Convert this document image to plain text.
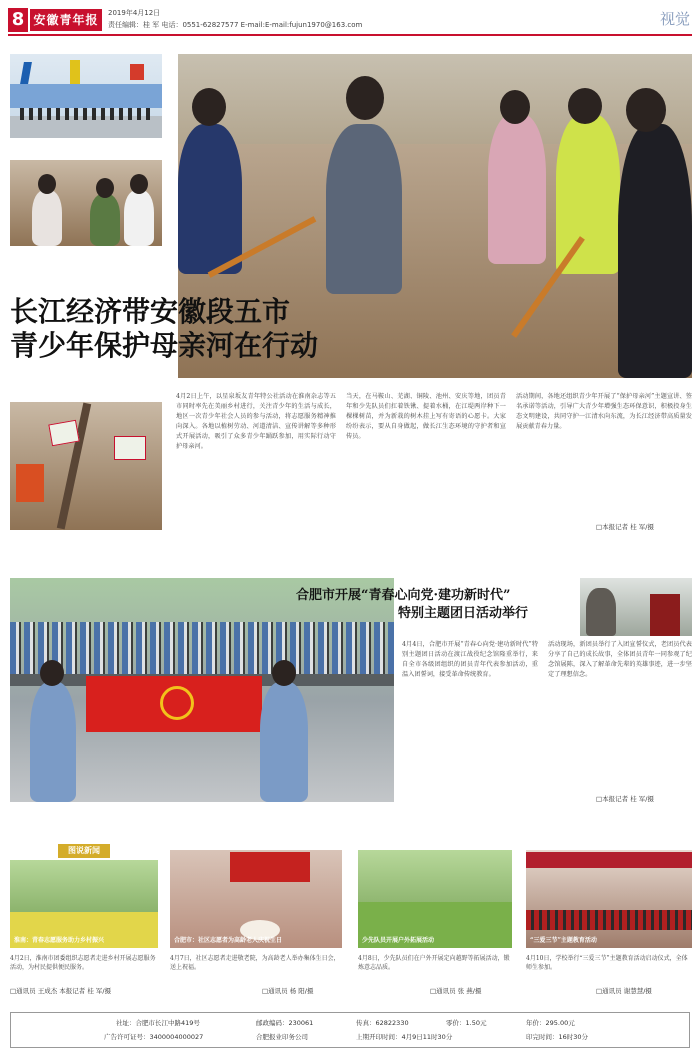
8 安徽青年报	2019年4月12日
责任编辑：桂 军 电话：0551-62827577 E-mail:E-mail:fujun1970@163.com	视觉
长江经济带安徽段五市
青少年保护母亲河在行动
4月2日上午，以星泉坂友青年特公社活动在淮南杂志等五市同时率先在美丽乡村进行，关注青少年的生活与成长，地区一次青少年社会人员的参与活动，将志愿服务精神推向深入。各地以植树劳动、河道清洁、宣传讲解等多种形式开展活动，吸引了众多青少年踊跃参加，用实际行动守护母亲河。
当天，在马鞍山、芜湖、铜陵、池州、安庆等地，团员青年和少先队员们扛着铁锹、提着水桶，在江堤两岸种下一棵棵树苗，并为新栽的树木挂上写有寄语的心愿卡。大家纷纷表示，要从自身做起，做长江生态环境的守护者和宣传员。
活动期间，各地还组织青少年开展了“保护母亲河”主题宣讲、签名承诺等活动，引导广大青少年增强生态环保意识，积极投身生态文明建设，共同守护一江清水向东流，为长江经济带高质量发展贡献青春力量。
□本报记者 桂 军/摄
合肥市开展“青春心向党·建功新时代”
特别主题团日活动举行
4月4日，合肥市开展“青春心向党·建功新时代”特别主题团日活动在渡江战役纪念馆隆重举行，来自全市各级团组织的团员青年代表参加活动，重温入团誓词，接受革命传统教育。
活动现场，新团员举行了入团宣誓仪式，老团员代表分享了自己的成长故事，全体团员青年一同参观了纪念馆展陈，深入了解革命先辈的英雄事迹，进一步坚定了理想信念。
□本报记者 桂 军/摄
图说新闻
淮南：青春志愿服务助力乡村振兴	合肥市：社区志愿者为高龄老人庆祝生日	少先队员开展户外拓展活动	“三爱三节”主题教育活动
4月2日，淮南市团委组织志愿者走进乡村开展志愿服务活动，为村民提供便民服务。
4月7日，社区志愿者走进敬老院，为高龄老人举办集体生日会，送上祝福。
4月8日，少先队员们在户外开展定向越野等拓展活动，锻炼意志品质。
4月10日，学校举行“三爱三节”主题教育活动启动仪式，全体师生参加。
□通讯员 王成杰 本报记者 桂 军/摄	□通讯员 杨 阳/摄	□通讯员 张 燕/摄	□通讯员 谢慧慧/摄
社址：合肥市长江中路419号	邮政编码：230061	传真：62822330	零价：1.50元	年价：295.00元
广告许可证号：3400004000027	合肥报业印务公司	上期开印时间：4月9日11时30分	印完时间：16时30分
